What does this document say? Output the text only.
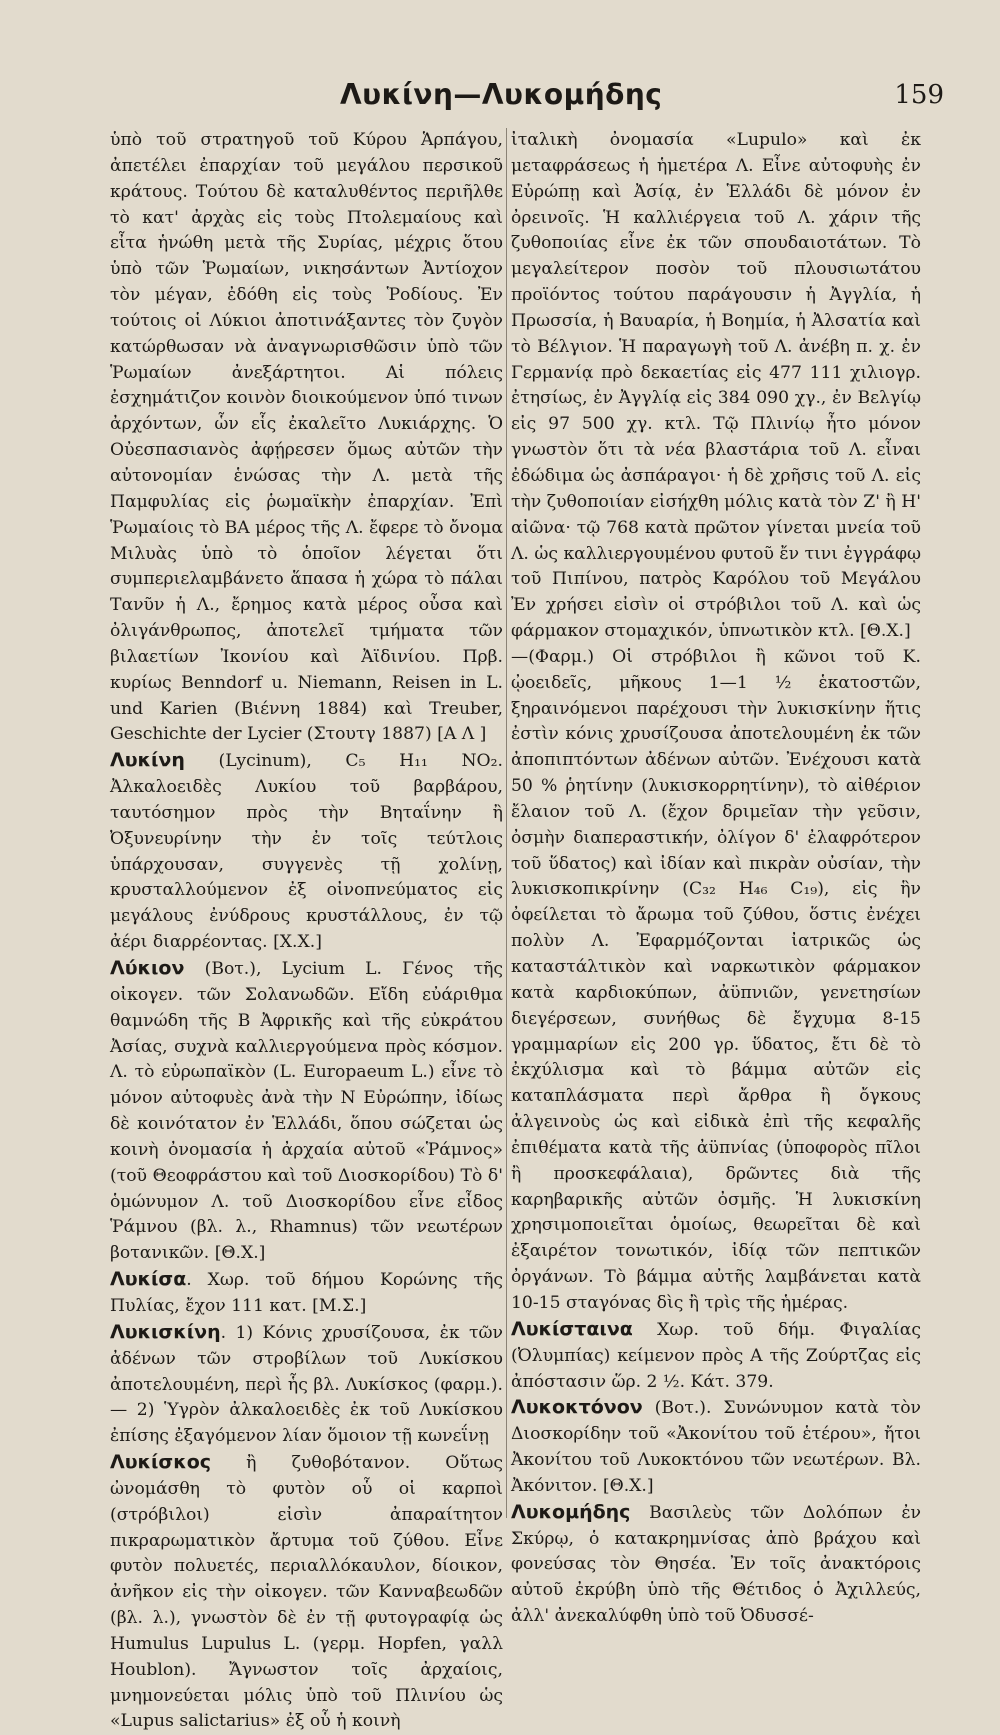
Λυκίνη—Λυκομήδης	159

ὑπὸ τοῦ στρατηγοῦ τοῦ Κύρου Ἁρπάγου, ἀπετέλει ἐπαρχίαν τοῦ μεγάλου περσικοῦ κράτους. Τούτου δὲ καταλυθέντος περιῆλθε τὸ κατ' ἀρχὰς εἰς τοὺς Πτολεμαίους καὶ εἶτα ἡνώθη μετὰ τῆς Συρίας, μέχρις ὅτου ὑπὸ τῶν Ῥωμαίων, νικησάντων Ἀντίοχον τὸν μέγαν, ἐδόθη εἰς τοὺς Ῥοδίους. Ἐν τούτοις οἱ Λύκιοι ἀποτινάξαντες τὸν ζυγὸν κατώρθωσαν νὰ ἀναγνωρισθῶσιν ὑπὸ τῶν Ῥωμαίων ἀνεξάρτητοι. Αἱ πόλεις ἐσχημάτιζον κοινὸν διοικούμενον ὑπό τινων ἀρχόντων, ὧν εἷς ἐκαλεῖτο Λυκιάρχης. Ὁ Οὐεσπασιανὸς ἀφῄρεσεν ὅμως αὐτῶν τὴν αὐτονομίαν ἑνώσας τὴν Λ. μετὰ τῆς Παμφυλίας εἰς ῥωμαϊκὴν ἐπαρχίαν. Ἐπὶ Ῥωμαίοις τὸ ΒΑ μέρος τῆς Λ. ἔφερε τὸ ὄνομα Μιλυὰς ὑπὸ τὸ ὁποῖον λέγεται ὅτι συμπεριελαμβάνετο ἅπασα ἡ χώρα τὸ πάλαι Τανῦν ἡ Λ., ἔρημος κατὰ μέρος οὖσα καὶ ὀλιγάνθρωπος, ἀποτελεῖ τμήματα τῶν βιλαετίων Ἰκονίου καὶ Ἀϊδινίου. Πρβ. κυρίως Benndorf u. Niemann, Reisen in L. und Karien (Βιέννη 1884) καὶ Treuber, Geschichte der Lycier (Στουτγ 1887) [Α Λ ]

Λυκίνη (Lycinum), C₅ H₁₁ NO₂. Ἀλκαλοειδὲς Λυκίου τοῦ βαρβάρου, ταυτόσημον πρὸς τὴν Βηταΐνην ἢ Ὀξυνευρίνην τὴν ἐν τοῖς τεύτλοις ὑπάρχουσαν, συγγενὲς τῇ χολίνῃ, κρυσταλλούμενον ἐξ οἰνοπνεύματος εἰς μεγάλους ἐνύδρους κρυστάλλους, ἐν τῷ ἀέρι διαρρέοντας. [Χ.Χ.]

Λύκιον (Βοτ.), Lycium L. Γένος τῆς οἰκογεν. τῶν Σολανωδῶν. Εἴδη εὐάριθμα θαμνώδη τῆς Β Ἀφρικῆς καὶ τῆς εὐκράτου Ἀσίας, συχνὰ καλλιεργούμενα πρὸς κόσμον. Λ. τὸ εὐρωπαϊκὸν (L. Europaeum L.) εἶνε τὸ μόνον αὐτοφυὲς ἀνὰ τὴν Ν Εὐρώπην, ἰδίως δὲ κοινότατον ἐν Ἑλλάδι, ὅπου σώζεται ὡς κοινὴ ὀνομασία ἡ ἀρχαία αὐτοῦ «Ῥάμνος» (τοῦ Θεοφράστου καὶ τοῦ Διοσκορίδου) Τὸ δ' ὁμώνυμον Λ. τοῦ Διοσκορίδου εἶνε εἶδος Ῥάμνου (βλ. λ., Rhamnus) τῶν νεωτέρων βοτανικῶν. [Θ.Χ.]

Λυκίσα. Χωρ. τοῦ δήμου Κορώνης τῆς Πυλίας, ἔχον 111 κατ. [Μ.Σ.]

Λυκισκίνη. 1) Κόνις χρυσίζουσα, ἐκ τῶν ἀδένων τῶν στροβίλων τοῦ Λυκίσκου ἀποτελουμένη, περὶ ἧς βλ. Λυκίσκος (φαρμ.). — 2) Ὑγρὸν ἀλκαλοειδὲς ἐκ τοῦ Λυκίσκου ἐπίσης ἐξαγόμενον λίαν ὅμοιον τῇ κωνεΐνῃ

Λυκίσκος ἢ ζυθοβότανον. Οὕτως ὠνομάσθη τὸ φυτὸν οὗ οἱ καρποὶ (στρόβιλοι) εἰσὶν ἀπαραίτητον πικραρωματικὸν ἄρτυμα τοῦ ζύθου. Εἶνε φυτὸν πολυετές, περιαλλόκαυλον, δίοικον, ἀνῆκον εἰς τὴν οἰκογεν. τῶν Κανναβεωδῶν (βλ. λ.), γνωστὸν δὲ ἐν τῇ φυτογραφίᾳ ὡς Humulus Lupulus L. (γερμ. Hopfen, γαλλ Houblon). Ἄγνωστον τοῖς ἀρχαίοις, μνημονεύεται μόλις ὑπὸ τοῦ Πλινίου ὡς «Lupus salictarius» ἐξ οὗ ἡ κοινὴ

ἰταλικὴ ὀνομασία «Lupulo» καὶ ἐκ μεταφράσεως ἡ ἡμετέρα Λ. Εἶνε αὐτοφυὴς ἐν Εὐρώπῃ καὶ Ἀσίᾳ, ἐν Ἑλλάδι δὲ μόνον ἐν ὀρεινοῖς. Ἡ καλλιέργεια τοῦ Λ. χάριν τῆς ζυθοποιίας εἶνε ἐκ τῶν σπουδαιοτάτων. Τὸ μεγαλείτερον ποσὸν τοῦ πλουσιωτάτου προϊόντος τούτου παράγουσιν ἡ Ἀγγλία, ἡ Πρωσσία, ἡ Βαυαρία, ἡ Βοημία, ἡ Ἀλσατία καὶ τὸ Βέλγιον. Ἡ παραγωγὴ τοῦ Λ. ἀνέβη π. χ. ἐν Γερμανίᾳ πρὸ δεκαετίας εἰς 477 111 χιλιογρ. ἐτησίως, ἐν Ἀγγλίᾳ εἰς 384 090 χγ., ἐν Βελγίῳ εἰς 97 500 χγ. κτλ. Τῷ Πλινίῳ ἦτο μόνον γνωστὸν ὅτι τὰ νέα βλαστάρια τοῦ Λ. εἶναι ἐδώδιμα ὡς ἀσπάραγοι· ἡ δὲ χρῆσις τοῦ Λ. εἰς τὴν ζυθοποιίαν εἰσήχθη μόλις κατὰ τὸν Ζ' ἢ Η' αἰῶνα· τῷ 768 κατὰ πρῶτον γίνεται μνεία τοῦ Λ. ὡς καλλιεργουμένου φυτοῦ ἔν τινι ἐγγράφῳ τοῦ Πιπίνου, πατρὸς Καρόλου τοῦ Μεγάλου Ἐν χρήσει εἰσὶν οἱ στρόβιλοι τοῦ Λ. καὶ ὡς φάρμακον στομαχικόν, ὑπνωτικὸν κτλ. [Θ.Χ.]

—(Φαρμ.) Οἱ στρόβιλοι ἢ κῶνοι τοῦ Κ. ᾠοειδεῖς, μῆκους 1—1 ½ ἑκατοστῶν, ξηραινόμενοι παρέχουσι τὴν λυκισκίνην ἥτις ἐστὶν κόνις χρυσίζουσα ἀποτελουμένη ἐκ τῶν ἀποπιπτόντων ἀδένων αὐτῶν. Ἐνέχουσι κατὰ 50 % ῥητίνην (λυκισκορρητίνην), τὸ αἰθέριον ἔλαιον τοῦ Λ. (ἔχον δριμεῖαν τὴν γεῦσιν, ὀσμὴν διαπεραστικήν, ὀλίγον δ' ἐλαφρότερον τοῦ ὕδατος) καὶ ἰδίαν καὶ πικρὰν οὐσίαν, τὴν λυκισκοπικρίνην (C₃₂ H₄₆ C₁₉), εἰς ἣν ὀφείλεται τὸ ἄρωμα τοῦ ζύθου, ὅστις ἐνέχει πολὺν Λ. Ἐφαρμόζονται ἰατρικῶς ὡς καταστάλτικὸν καὶ ναρκωτικὸν φάρμακον κατὰ καρδιοκύπων, ἀϋπνιῶν, γενετησίων διεγέρσεων, συνήθως δὲ ἔγχυμα 8-15 γραμμαρίων εἰς 200 γρ. ὕδατος, ἔτι δὲ τὸ ἐκχύλισμα καὶ τὸ βάμμα αὐτῶν εἰς καταπλάσματα περὶ ἄρθρα ἢ ὄγκους ἀλγεινοὺς ὡς καὶ εἰδικὰ ἐπὶ τῆς κεφαλῆς ἐπιθέματα κατὰ τῆς ἀϋπνίας (ὑποφορὸς πῖλοι ἢ προσκεφάλαια), δρῶντες διὰ τῆς καρηβαρικῆς αὐτῶν ὀσμῆς. Ἡ λυκισκίνη χρησιμοποιεῖται ὁμοίως, θεωρεῖται δὲ καὶ ἐξαιρέτον τονωτικόν, ἰδίᾳ τῶν πεπτικῶν ὀργάνων. Τὸ βάμμα αὐτῆς λαμβάνεται κατὰ 10-15 σταγόνας δὶς ἢ τρὶς τῆς ἡμέρας.

Λυκίσταινα Χωρ. τοῦ δήμ. Φιγαλίας (Ὀλυμπίας) κείμενον πρὸς Α τῆς Ζούρτζας εἰς ἀπόστασιν ὥρ. 2 ½. Κάτ. 379.

Λυκοκτόνον (Βοτ.). Συνώνυμον κατὰ τὸν Διοσκορίδην τοῦ «Ἀκονίτου τοῦ ἑτέρου», ἤτοι Ἀκονίτου τοῦ Λυκοκτόνου τῶν νεωτέρων. Βλ. Ἀκόνιτον. [Θ.Χ.]

Λυκομήδης Βασιλεὺς τῶν Δολόπων ἐν Σκύρῳ, ὁ κατακρημνίσας ἀπὸ βράχου καὶ φονεύσας τὸν Θησέα. Ἐν τοῖς ἀνακτόροις αὐτοῦ ἐκρύβη ὑπὸ τῆς Θέτιδος ὁ Ἀχιλλεύς, ἀλλ' ἀνεκαλύφθη ὑπὸ τοῦ Ὀδυσσέ-
